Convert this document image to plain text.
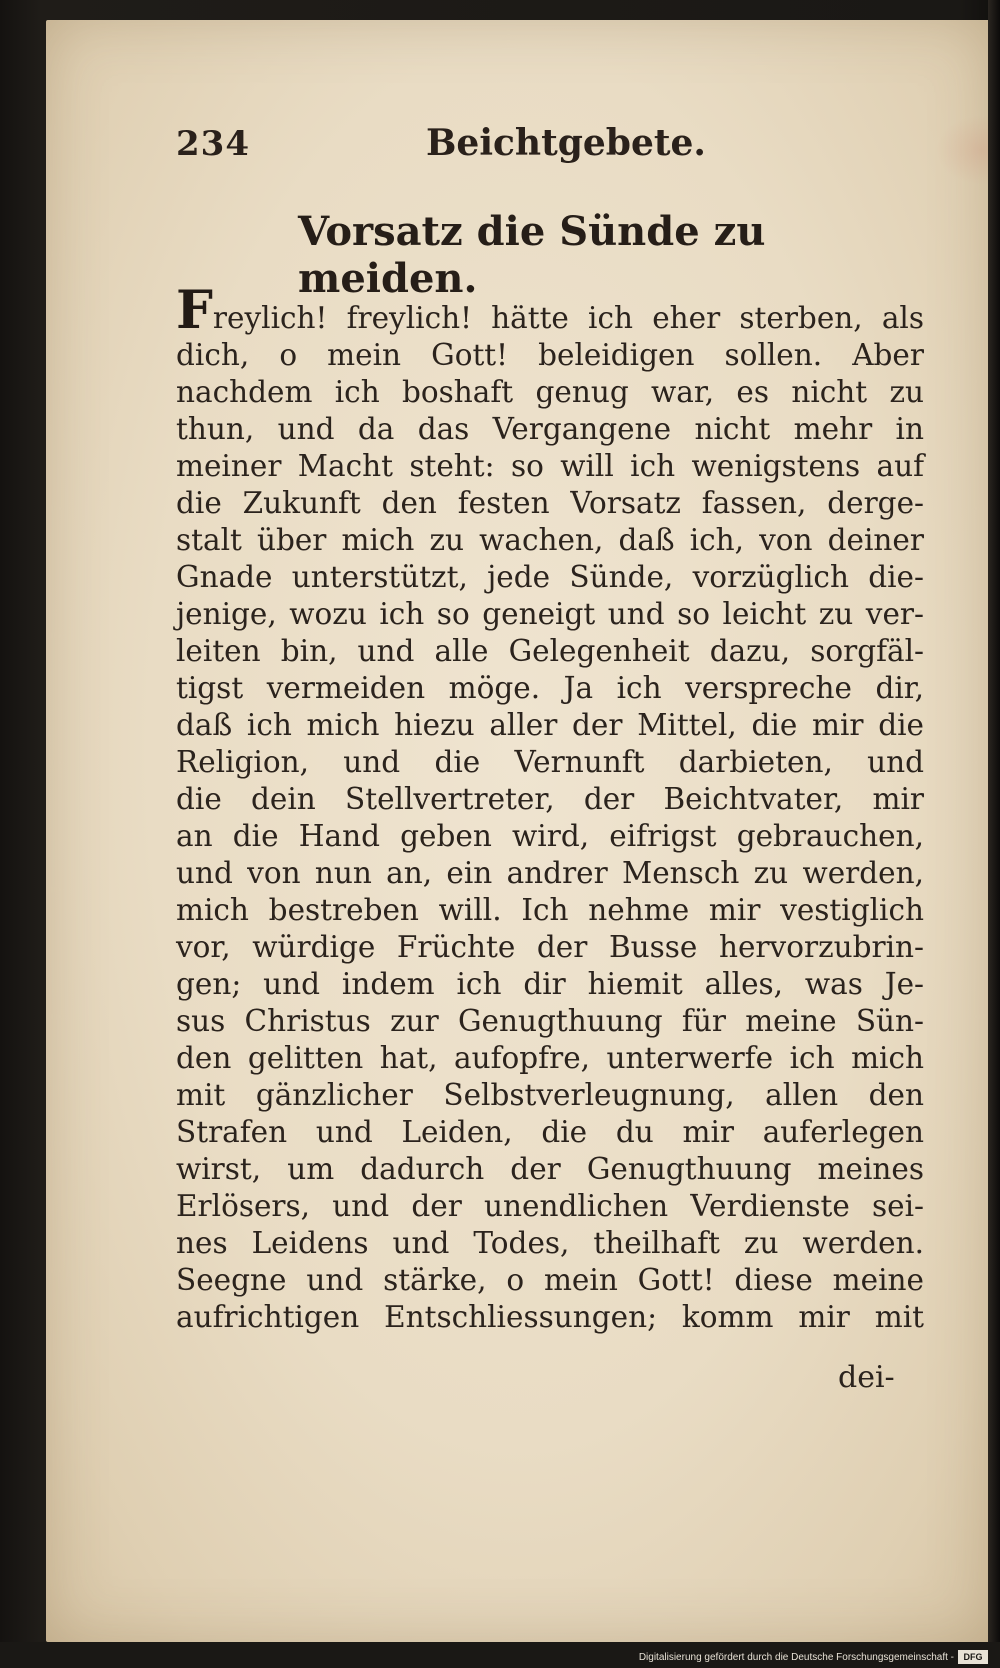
234	Beichtgebete.
Vorsatz die Sünde zu meiden.
Freylich! freylich! hätte ich eher sterben, als
dich, o mein Gott! beleidigen sollen. Aber
nachdem ich boshaft genug war, es nicht zu
thun, und da das Vergangene nicht mehr in
meiner Macht steht: so will ich wenigstens auf
die Zukunft den festen Vorsatz fassen, derge-
stalt über mich zu wachen, daß ich, von deiner
Gnade unterstützt, jede Sünde, vorzüglich die-
jenige, wozu ich so geneigt und so leicht zu ver-
leiten bin, und alle Gelegenheit dazu, sorgfäl-
tigst vermeiden möge. Ja ich verspreche dir,
daß ich mich hiezu aller der Mittel, die mir die
Religion, und die Vernunft darbieten, und
die dein Stellvertreter, der Beichtvater, mir
an die Hand geben wird, eifrigst gebrauchen,
und von nun an, ein andrer Mensch zu werden,
mich bestreben will. Ich nehme mir vestiglich
vor, würdige Früchte der Busse hervorzubrin-
gen; und indem ich dir hiemit alles, was Je-
sus Christus zur Genugthuung für meine Sün-
den gelitten hat, aufopfre, unterwerfe ich mich
mit gänzlicher Selbstverleugnung, allen den
Strafen und Leiden, die du mir auferlegen
wirst, um dadurch der Genugthuung meines
Erlösers, und der unendlichen Verdienste sei-
nes Leidens und Todes, theilhaft zu werden.
Seegne und stärke, o mein Gott! diese meine
aufrichtigen Entschliessungen; komm mir mit
dei-
Digitalisierung gefördert durch die Deutsche Forschungsgemeinschaft -	DFG
